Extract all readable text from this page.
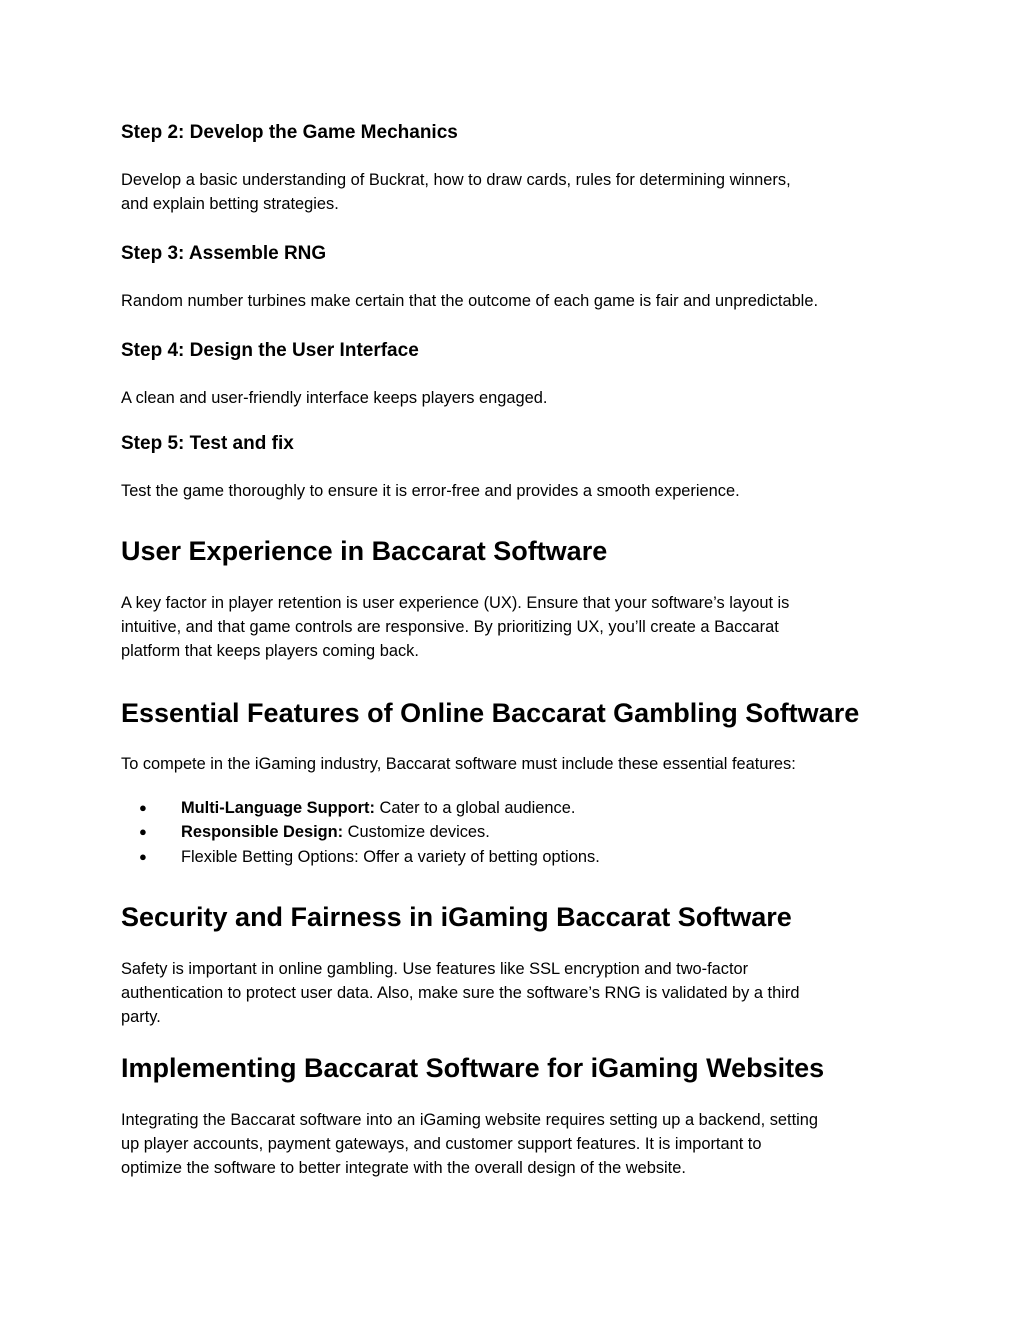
Step 2: Develop the Game Mechanics

Develop a basic understanding of Buckrat, how to draw cards, rules for determining winners,
and explain betting strategies.

Step 3: Assemble RNG

Random number turbines make certain that the outcome of each game is fair and unpredictable.

Step 4: Design the User Interface

A clean and user-friendly interface keeps players engaged.

Step 5: Test and fix

Test the game thoroughly to ensure it is error-free and provides a smooth experience.

User Experience in Baccarat Software

A key factor in player retention is user experience (UX). Ensure that your software’s layout is
intuitive, and that game controls are responsive. By prioritizing UX, you’ll create a Baccarat
platform that keeps players coming back.

Essential Features of Online Baccarat Gambling Software

To compete in the iGaming industry, Baccarat software must include these essential features:

● Multi-Language Support: Cater to a global audience.
● Responsible Design: Customize devices.
● Flexible Betting Options: Offer a variety of betting options.
Security and Fairness in iGaming Baccarat Software

Safety is important in online gambling. Use features like SSL encryption and two-factor
authentication to protect user data. Also, make sure the software’s RNG is validated by a third
party.

Implementing Baccarat Software for iGaming Websites

Integrating the Baccarat software into an iGaming website requires setting up a backend, setting
up player accounts, payment gateways, and customer support features. It is important to
optimize the software to better integrate with the overall design of the website.
